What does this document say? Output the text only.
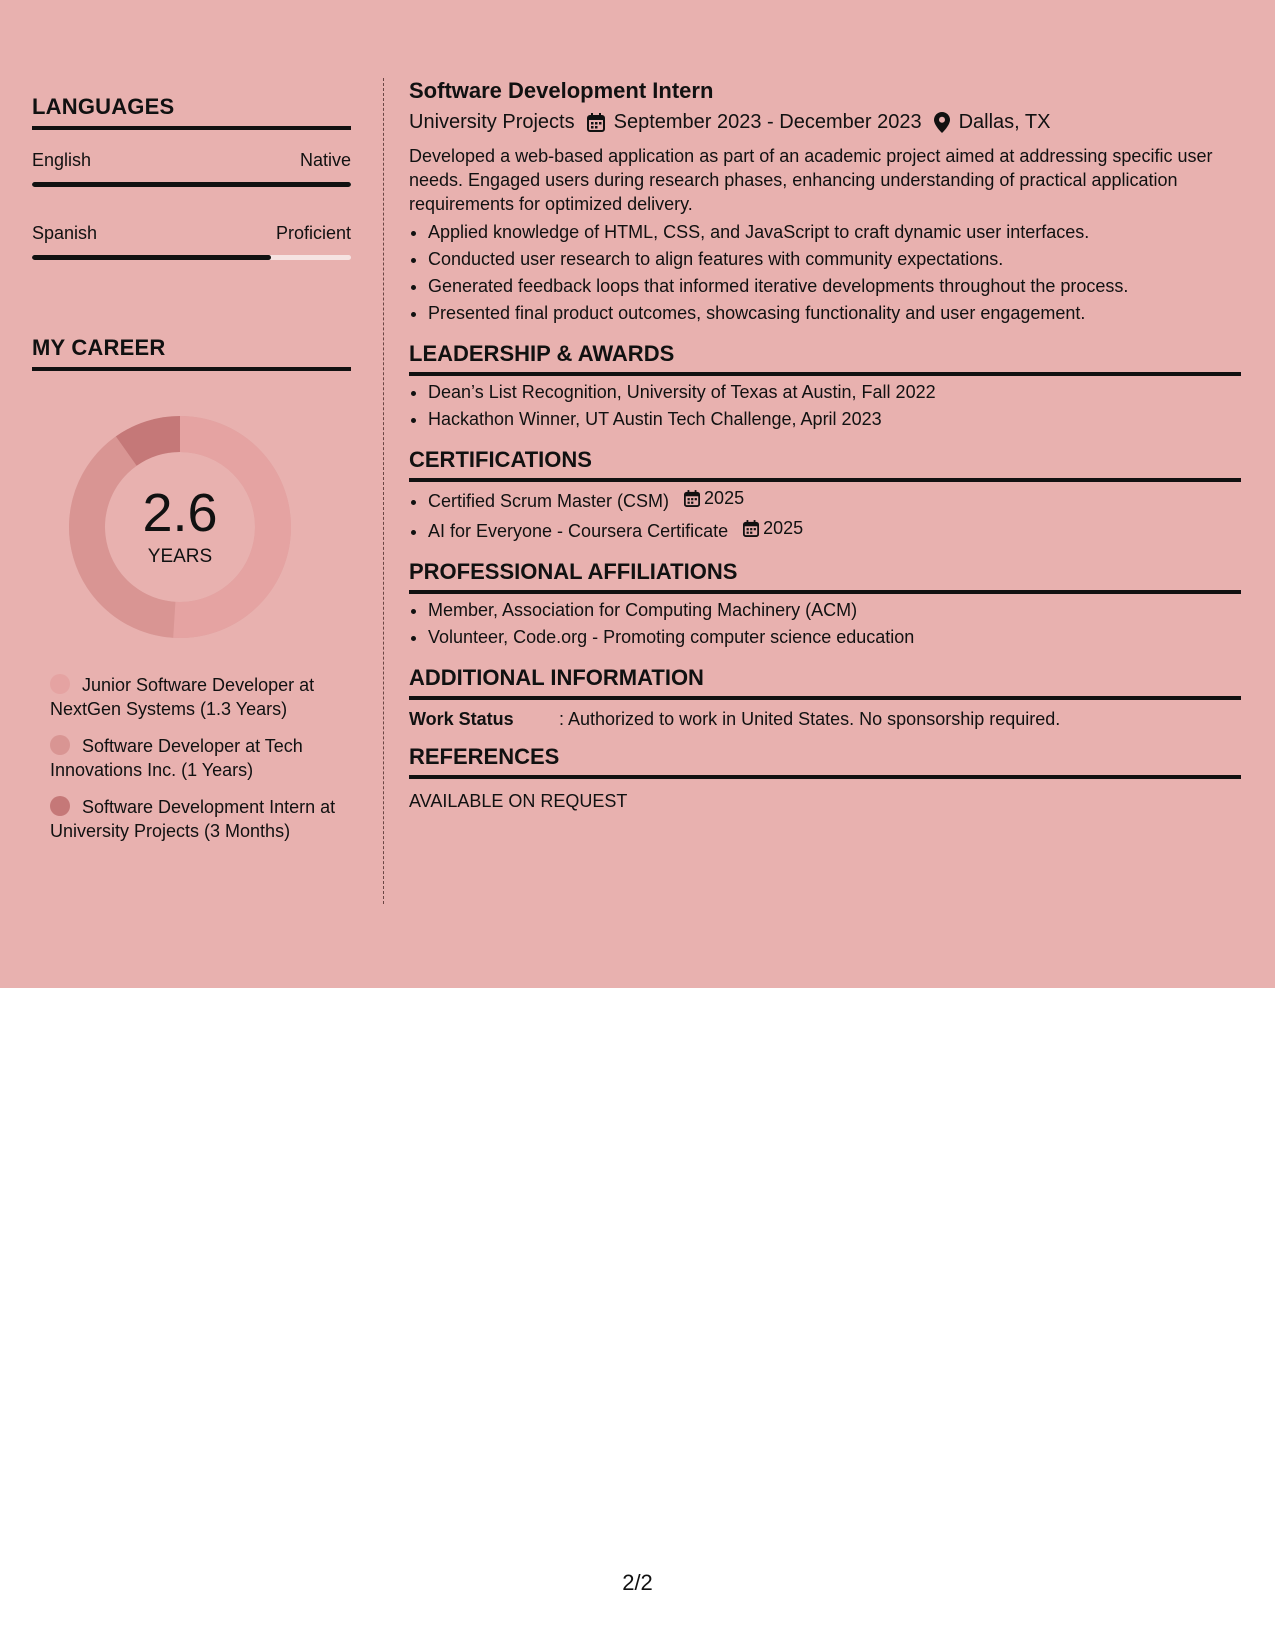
LANGUAGES
English	Native
Spanish	Proficient
MY CAREER
2.6
YEARS
Junior Software Developer at NextGen Systems (1.3 Years)
Software Developer at Tech Innovations Inc. (1 Years)
Software Development Intern at University Projects (3 Months)
Software Development Intern
University Projects September 2023 - December 2023 Dallas, TX

Developed a web-based application as part of an academic project aimed at addressing specific user needs. Engaged users during research phases, enhancing understanding of practical application requirements for optimized delivery.

• Applied knowledge of HTML, CSS, and JavaScript to craft dynamic user interfaces.
• Conducted user research to align features with community expectations.
• Generated feedback loops that informed iterative developments throughout the process.
• Presented final product outcomes, showcasing functionality and user engagement.
LEADERSHIP & AWARDS
• Dean’s List Recognition, University of Texas at Austin, Fall 2022
• Hackathon Winner, UT Austin Tech Challenge, April 2023
CERTIFICATIONS
• Certified Scrum Master (CSM) 2025
• AI for Everyone - Coursera Certificate 2025
PROFESSIONAL AFFILIATIONS
• Member, Association for Computing Machinery (ACM)
• Volunteer, Code.org - Promoting computer science education
ADDITIONAL INFORMATION
Work Status	: Authorized to work in United States. No sponsorship required.
REFERENCES
AVAILABLE ON REQUEST
2/2
